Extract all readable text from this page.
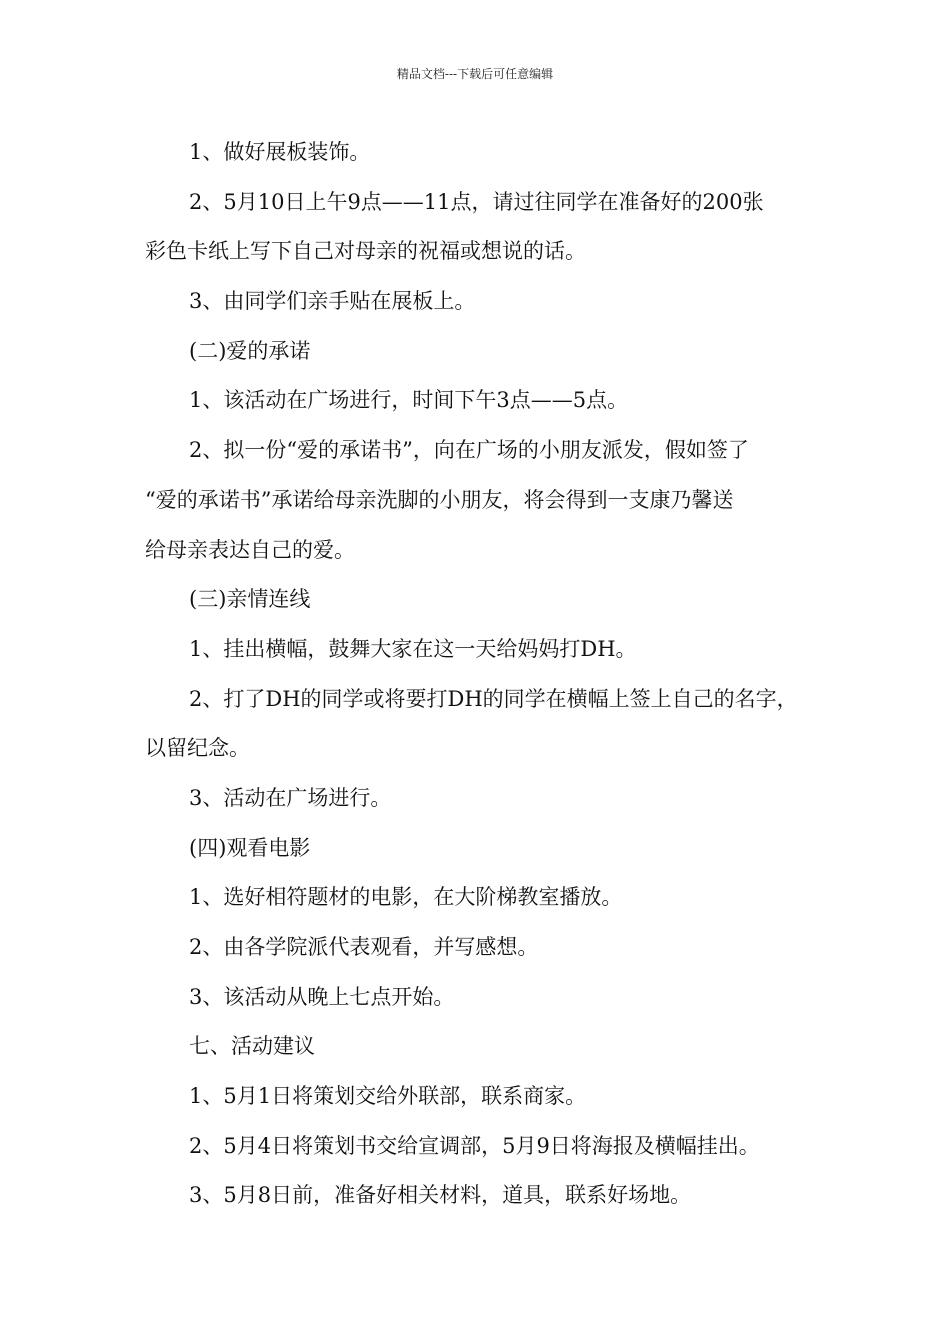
精品文档---下载后可任意编辑
1、做好展板装饰。
2、5月10日上午9点——11点，请过往同学在准备好的200张
彩色卡纸上写下自己对母亲的祝福或想说的话。
3、由同学们亲手贴在展板上。
(二)爱的承诺
1、该活动在广场进行，时间下午3点——5点。
2、拟一份“爱的承诺书”，向在广场的小朋友派发，假如签了
“爱的承诺书”承诺给母亲洗脚的小朋友，将会得到一支康乃馨送
给母亲表达自己的爱。
(三)亲情连线
1、挂出横幅，鼓舞大家在这一天给妈妈打DH。
2、打了DH的同学或将要打DH的同学在横幅上签上自己的名字，
以留纪念。
3、活动在广场进行。
(四)观看电影
1、选好相符题材的电影，在大阶梯教室播放。
2、由各学院派代表观看，并写感想。
3、该活动从晚上七点开始。
七、活动建议
1、5月1日将策划交给外联部，联系商家。
2、5月4日将策划书交给宣调部，5月9日将海报及横幅挂出。
3、5月8日前，准备好相关材料，道具，联系好场地。
